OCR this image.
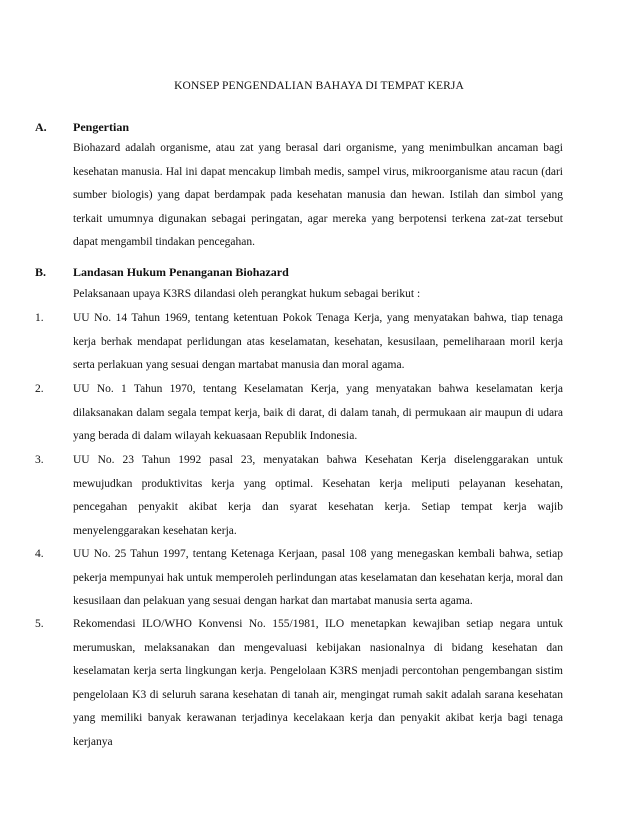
KONSEP PENGENDALIAN BAHAYA DI TEMPAT KERJA
A. Pengertian

Biohazard adalah organisme, atau zat yang berasal dari organisme, yang menimbulkan ancaman bagi kesehatan manusia. Hal ini dapat mencakup limbah medis, sampel virus, mikroorganisme atau racun (dari sumber biologis) yang dapat berdampak pada kesehatan manusia dan hewan. Istilah dan simbol yang terkait umumnya digunakan sebagai peringatan, agar mereka yang berpotensi terkena zat-zat tersebut dapat mengambil tindakan pencegahan.

B. Landasan Hukum Penanganan Biohazard
Pelaksanaan upaya K3RS dilandasi oleh perangkat hukum sebagai berikut :
1.	UU No. 14 Tahun 1969, tentang ketentuan Pokok Tenaga Kerja, yang menyatakan bahwa, tiap tenaga kerja berhak mendapat perlidungan atas keselamatan, kesehatan, kesusilaan, pemeliharaan moril kerja serta perlakuan yang sesuai dengan martabat manusia dan moral agama.
2.	UU No. 1 Tahun 1970, tentang Keselamatan Kerja, yang menyatakan bahwa keselamatan kerja dilaksanakan dalam segala tempat kerja, baik di darat, di dalam tanah, di permukaan air maupun di udara yang berada di dalam wilayah kekuasaan Republik Indonesia.
3.	UU No. 23 Tahun 1992 pasal 23, menyatakan bahwa Kesehatan Kerja diselenggarakan untuk mewujudkan produktivitas kerja yang optimal. Kesehatan kerja meliputi pelayanan kesehatan, pencegahan penyakit akibat kerja dan syarat kesehatan kerja. Setiap tempat kerja wajib menyelenggarakan kesehatan kerja.
4.	UU No. 25 Tahun 1997, tentang Ketenaga Kerjaan, pasal 108 yang menegaskan kembali bahwa, setiap pekerja mempunyai hak untuk memperoleh perlindungan atas keselamatan dan kesehatan kerja, moral dan kesusilaan dan pelakuan yang sesuai dengan harkat dan martabat manusia serta agama.
5.	Rekomendasi ILO/WHO Konvensi No. 155/1981, ILO menetapkan kewajiban setiap negara untuk merumuskan, melaksanakan dan mengevaluasi kebijakan nasionalnya di bidang kesehatan dan keselamatan kerja serta lingkungan kerja. Pengelolaan K3RS menjadi percontohan pengembangan sistim pengelolaan K3 di seluruh sarana kesehatan di tanah air, mengingat rumah sakit adalah sarana kesehatan yang memiliki banyak kerawanan terjadinya kecelakaan kerja dan penyakit akibat kerja bagi tenaga kerjanya
